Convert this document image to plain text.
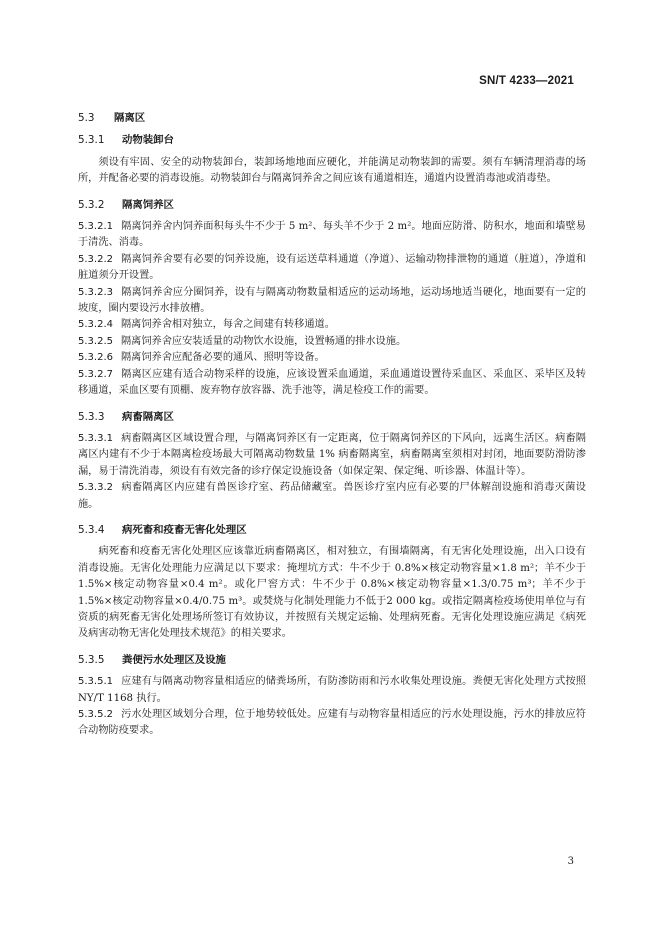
SN/T 4233—2021
5.3	隔离区
5.3.1	动物装卸台

须设有牢固、安全的动物装卸台，装卸场地地面应硬化，并能满足动物装卸的需要。须有车辆清理消毒的场所，并配备必要的消毒设施。动物装卸台与隔离饲养舍之间应该有通道相连，通道内设置消毒池或消毒垫。

5.3.2	隔离饲养区

5.3.2.1 隔离饲养舍内饲养面积每头牛不少于 5 m²、每头羊不少于 2 m²。地面应防滑、防积水，地面和墙壁易于清洗、消毒。

5.3.2.2 隔离饲养舍要有必要的饲养设施，设有运送草料通道（净道）、运输动物排泄物的通道（脏道），净道和脏道须分开设置。

5.3.2.3 隔离饲养舍应分圈饲养，设有与隔离动物数量相适应的运动场地，运动场地适当硬化，地面要有一定的坡度，圈内要设污水排放槽。

5.3.2.4 隔离饲养舍相对独立，每舍之间建有转移通道。

5.3.2.5 隔离饲养舍应安装适量的动物饮水设施，设置畅通的排水设施。

5.3.2.6 隔离饲养舍应配备必要的通风、照明等设备。

5.3.2.7 隔离区应建有适合动物采样的设施，应该设置采血通道，采血通道设置待采血区、采血区、采毕区及转移通道，采血区要有顶棚、废弃物存放容器、洗手池等，满足检疫工作的需要。

5.3.3	病畜隔离区

5.3.3.1 病畜隔离区区域设置合理，与隔离饲养区有一定距离，位于隔离饲养区的下风向，远离生活区。病畜隔离区内建有不少于本隔离检疫场最大可隔离动物数量 1% 病畜隔离室，病畜隔离室须相对封闭，地面要防滑防渗漏，易于清洗消毒，须设有有效完备的诊疗保定设施设备（如保定架、保定绳、听诊器、体温计等）。

5.3.3.2 病畜隔离区内应建有兽医诊疗室、药品储藏室。兽医诊疗室内应有必要的尸体解剖设施和消毒灭菌设施。

5.3.4	病死畜和疫畜无害化处理区

病死畜和疫畜无害化处理区应该靠近病畜隔离区，相对独立，有围墙隔离，有无害化处理设施，出入口设有消毒设施。无害化处理能力应满足以下要求：掩埋坑方式：牛不少于 0.8%×核定动物容量×1.8 m²；羊不少于 1.5%×核定动物容量×0.4 m²。或化尸窖方式：牛不少于 0.8%×核定动物容量×1.3/0.75 m³；羊不少于 1.5%×核定动物容量×0.4/0.75 m³。或焚烧与化制处理能力不低于2 000 kg。或指定隔离检疫场使用单位与有资质的病死畜无害化处理场所签订有效协议，并按照有关规定运输、处理病死畜。无害化处理设施应满足《病死及病害动物无害化处理技术规范》的相关要求。

5.3.5	粪便污水处理区及设施

5.3.5.1 应建有与隔离动物容量相适应的储粪场所，有防渗防雨和污水收集处理设施。粪便无害化处理方式按照 NY/T 1168 执行。

5.3.5.2 污水处理区域划分合理，位于地势较低处。应建有与动物容量相适应的污水处理设施，污水的排放应符合动物防疫要求。

3
